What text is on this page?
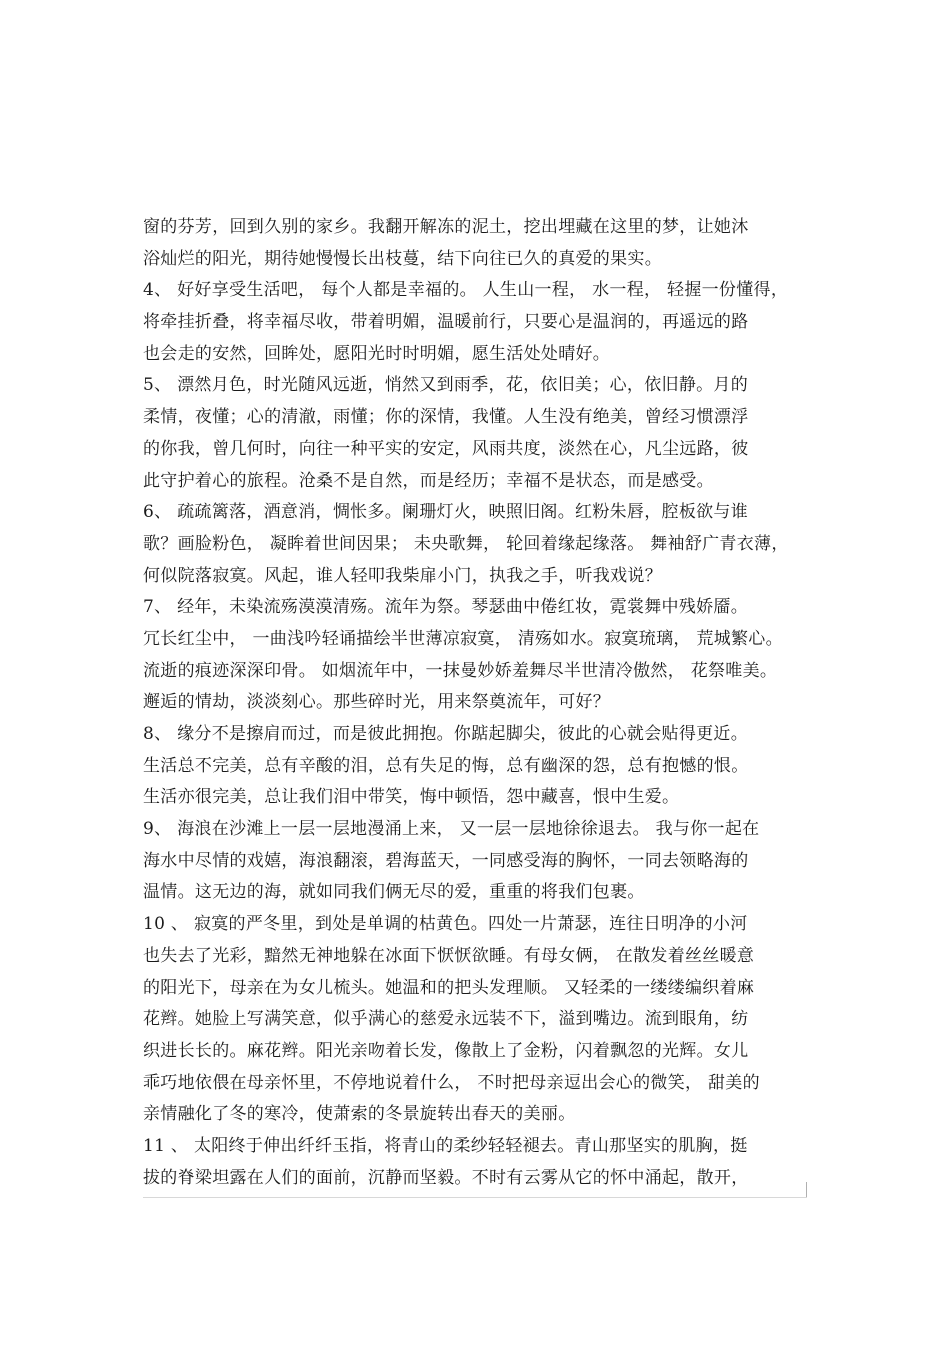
窗的芬芳，回到久别的家乡。我翻开解冻的泥土，挖出埋藏在这里的梦，让她沐
浴灿烂的阳光，期待她慢慢长出枝蔓，结下向往已久的真爱的果实。
4、 好好享受生活吧， 每个人都是幸福的。 人生山一程， 水一程， 轻握一份懂得，
将牵挂折叠，将幸福尽收，带着明媚，温暖前行，只要心是温润的，再遥远的路
也会走的安然，回眸处，愿阳光时时明媚，愿生活处处晴好。
5、 漂然月色，时光随风远逝，悄然又到雨季，花，依旧美；心，依旧静。月的
柔情，夜懂；心的清澈，雨懂；你的深情，我懂。人生没有绝美，曾经习惯漂浮
的你我，曾几何时，向往一种平实的安定，风雨共度，淡然在心，凡尘远路，彼
此守护着心的旅程。沧桑不是自然，而是经历；幸福不是状态，而是感受。
6、 疏疏篱落，酒意消，惆怅多。阑珊灯火，映照旧阁。红粉朱唇，腔板欲与谁
歌？画脸粉色， 凝眸着世间因果； 未央歌舞， 轮回着缘起缘落。 舞袖舒广青衣薄，
何似院落寂寞。风起，谁人轻叩我柴扉小门，执我之手，听我戏说？
7、 经年，未染流殇漠漠清殇。流年为祭。琴瑟曲中倦红妆，霓裳舞中残娇靥。
冗长红尘中， 一曲浅吟轻诵描绘半世薄凉寂寞， 清殇如水。寂寞琉璃， 荒城繁心。
流逝的痕迹深深印骨。 如烟流年中，一抹曼妙娇羞舞尽半世清冷傲然， 花祭唯美。
邂逅的情劫，淡淡刻心。那些碎时光，用来祭奠流年，可好？
8、 缘分不是擦肩而过，而是彼此拥抱。你踮起脚尖，彼此的心就会贴得更近。
生活总不完美，总有辛酸的泪，总有失足的悔，总有幽深的怨，总有抱憾的恨。
生活亦很完美，总让我们泪中带笑，悔中顿悟，怨中藏喜，恨中生爱。
9、 海浪在沙滩上一层一层地漫涌上来， 又一层一层地徐徐退去。 我与你一起在
海水中尽情的戏嬉，海浪翻滚，碧海蓝天，一同感受海的胸怀，一同去领略海的
温情。这无边的海，就如同我们俩无尽的爱，重重的将我们包裹。
10 、 寂寞的严冬里，到处是单调的枯黄色。四处一片萧瑟，连往日明净的小河
也失去了光彩，黯然无神地躲在冰面下恹恹欲睡。有母女俩， 在散发着丝丝暖意
的阳光下，母亲在为女儿梳头。她温和的把头发理顺。 又轻柔的一缕缕编织着麻
花辫。她脸上写满笑意，似乎满心的慈爱永远装不下，溢到嘴边。流到眼角，纺
织进长长的。麻花辫。阳光亲吻着长发，像散上了金粉，闪着飘忽的光辉。女儿
乖巧地依偎在母亲怀里，不停地说着什么， 不时把母亲逗出会心的微笑， 甜美的
亲情融化了冬的寒冷，使萧索的冬景旋转出春天的美丽。
11 、 太阳终于伸出纤纤玉指，将青山的柔纱轻轻褪去。青山那坚实的肌胸，挺
拔的脊梁坦露在人们的面前，沉静而坚毅。不时有云雾从它的怀中涌起，散开，
